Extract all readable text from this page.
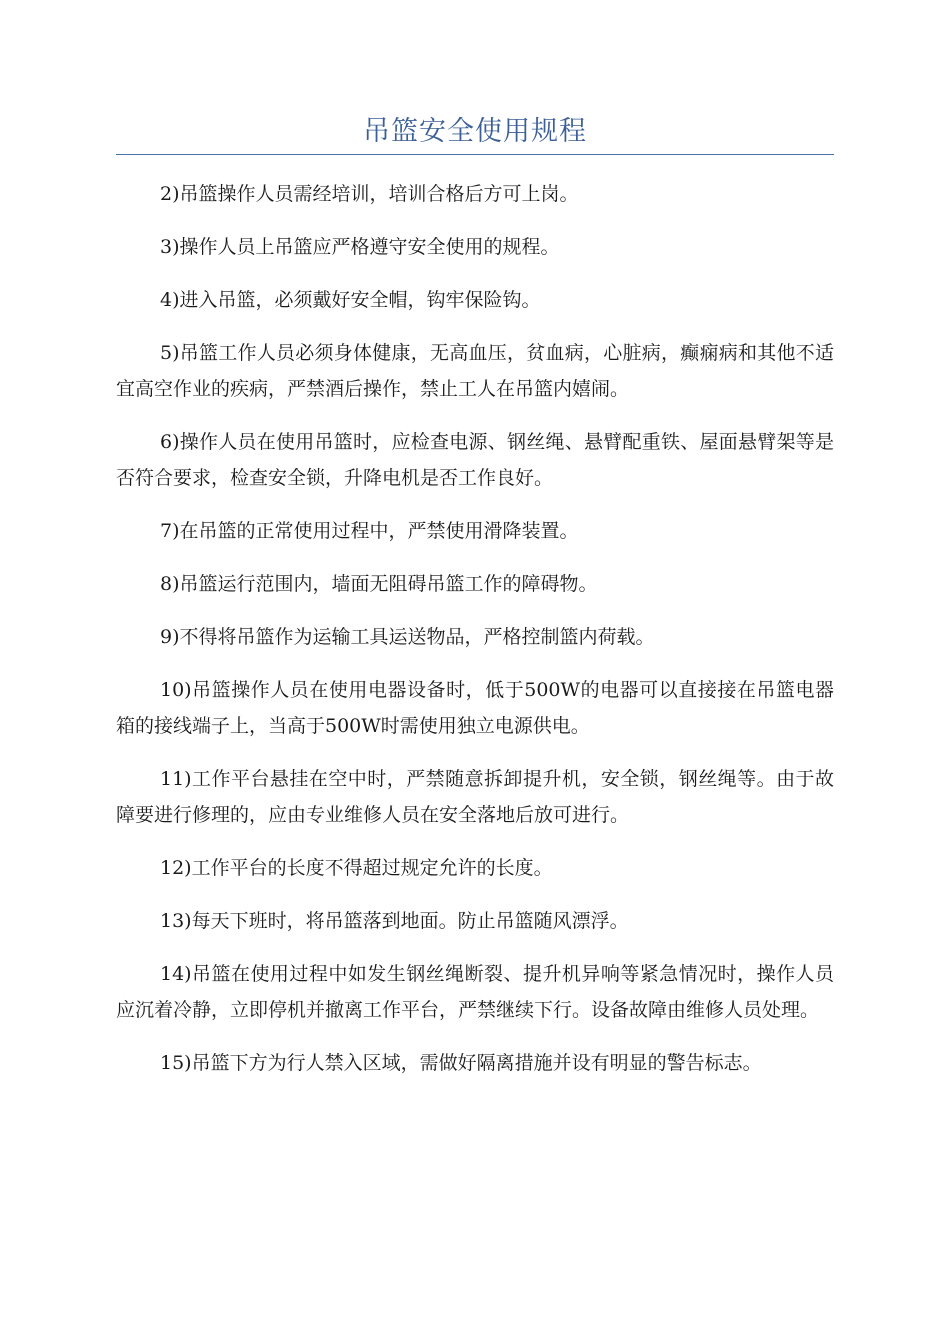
吊篮安全使用规程

2)吊篮操作人员需经培训，培训合格后方可上岗。

3)操作人员上吊篮应严格遵守安全使用的规程。

4)进入吊篮，必须戴好安全帽，钩牢保险钩。

5)吊篮工作人员必须身体健康，无高血压，贫血病，心脏病，癫痫病和其他不适宜高空作业的疾病，严禁酒后操作，禁止工人在吊篮内嬉闹。

6)操作人员在使用吊篮时，应检查电源、钢丝绳、悬臂配重铁、屋面悬臂架等是否符合要求，检查安全锁，升降电机是否工作良好。

7)在吊篮的正常使用过程中，严禁使用滑降装置。

8)吊篮运行范围内，墙面无阻碍吊篮工作的障碍物。

9)不得将吊篮作为运输工具运送物品，严格控制篮内荷载。

10)吊篮操作人员在使用电器设备时，低于500W的电器可以直接接在吊篮电器箱的接线端子上，当高于500W时需使用独立电源供电。

11)工作平台悬挂在空中时，严禁随意拆卸提升机，安全锁，钢丝绳等。由于故障要进行修理的，应由专业维修人员在安全落地后放可进行。

12)工作平台的长度不得超过规定允许的长度。

13)每天下班时，将吊篮落到地面。防止吊篮随风漂浮。

14)吊篮在使用过程中如发生钢丝绳断裂、提升机异响等紧急情况时，操作人员应沉着冷静，立即停机并撤离工作平台，严禁继续下行。设备故障由维修人员处理。

15)吊篮下方为行人禁入区域，需做好隔离措施并设有明显的警告标志。
